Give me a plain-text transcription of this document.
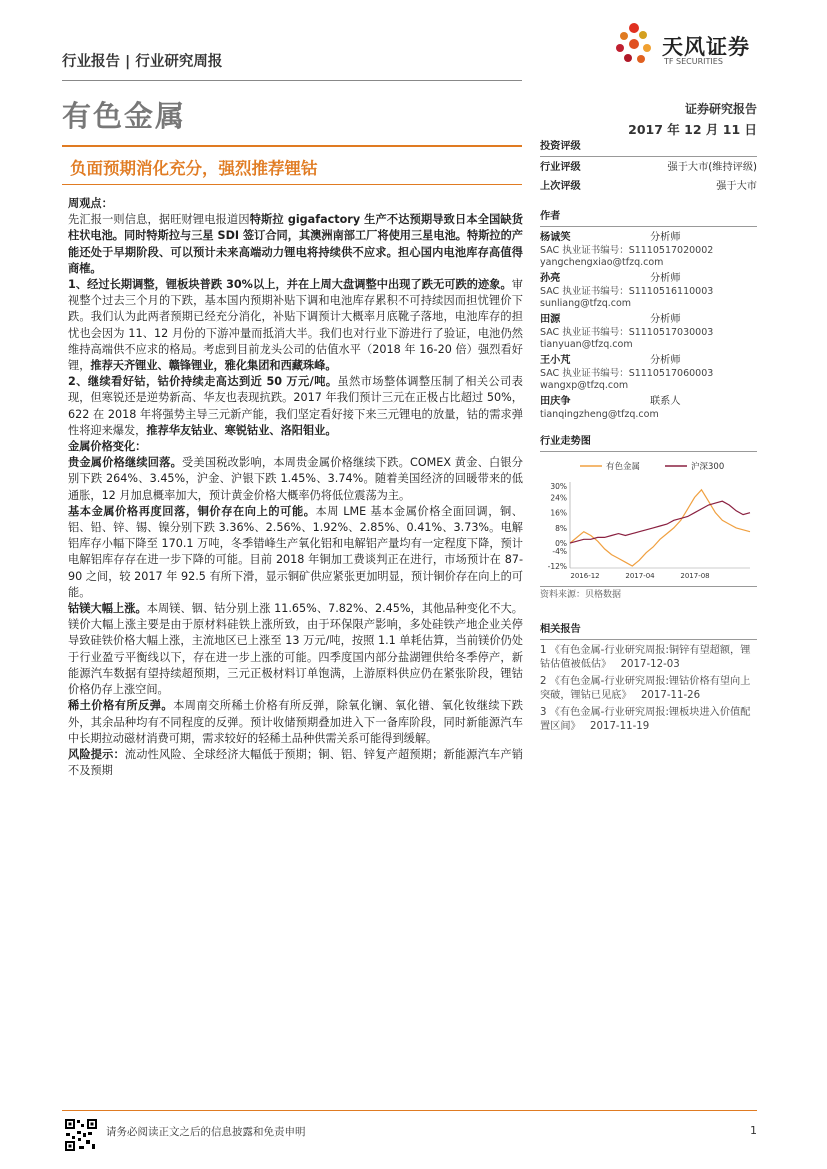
行业报告 | 行业研究周报
天风证券
TF SECURITIES
有色金属	证券研究报告
2017 年 12 月 11 日
负面预期消化充分，强烈推荐锂钴
周观点：

先汇报一则信息，据旺财锂电报道因特斯拉 gigafactory 生产不达预期导致日本全国缺货柱状电池。同时特斯拉与三星 SDI 签订合同，其澳洲南部工厂将使用三星电池。特斯拉的产能还处于早期阶段、可以预计未来高端动力锂电将持续供不应求。担心国内电池库存高值得商榷。

1、经过长期调整，锂板块普跌 30%以上，并在上周大盘调整中出现了跌无可跌的迹象。审视整个过去三个月的下跌，基本国内预期补贴下调和电池库存累积不可持续因而担忧锂价下跌。我们认为此两者预期已经充分消化，补贴下调预计大概率月底靴子落地，电池库存的担忧也会因为 11、12 月份的下游冲量而抵消大半。我们也对行业下游进行了验证，电池仍然维持高端供不应求的格局。考虑到目前龙头公司的估值水平（2018 年 16-20 倍）强烈看好锂，推荐天齐锂业、赣锋锂业，雅化集团和西藏珠峰。

2、继续看好钴，钴价持续走高达到近 50 万元/吨。虽然市场整体调整压制了相关公司表现，但寒锐还是逆势新高、华友也表现抗跌。2017 年我们预计三元在正极占比超过 50%，622 在 2018 年将强势主导三元新产能，我们坚定看好接下来三元锂电的放量，钴的需求弹性将迎来爆发，推荐华友钴业、寒锐钴业、洛阳钼业。

金属价格变化：

贵金属价格继续回落。受美国税改影响，本周贵金属价格继续下跌。COMEX 黄金、白银分别下跌 264%、3.45%，沪金、沪银下跌 1.45%、3.74%。随着美国经济的回暖带来的低通胀，12 月加息概率加大，预计黄金价格大概率仍将低位震荡为主。

基本金属价格再度回落，铜价存在向上的可能。本周 LME 基本金属价格全面回调，铜、铝、铅、锌、锡、镍分别下跌 3.36%、2.56%、1.92%、2.85%、0.41%、3.73%。电解铝库存小幅下降至 170.1 万吨，冬季错峰生产氧化铝和电解铝产量均有一定程度下降，预计电解铝库存存在进一步下降的可能。目前 2018 年铜加工费谈判正在进行，市场预计在 87-90 之间，较 2017 年 92.5 有所下滑，显示铜矿供应紧张更加明显，预计铜价存在向上的可能。

钴镁大幅上涨。本周镁、铟、钴分别上涨 11.65%、7.82%、2.45%，其他品种变化不大。镁价大幅上涨主要是由于原材料硅铁上涨所致，由于环保限产影响，多处硅铁产地企业关停导致硅铁价格大幅上涨，主流地区已上涨至 13 万元/吨，按照 1.1 单耗估算，当前镁价仍处于行业盈亏平衡线以下，存在进一步上涨的可能。四季度国内部分盐湖锂供给冬季停产，新能源汽车数据有望持续超预期，三元正极材料订单饱满，上游原料供应仍在紧张阶段，锂钴价格仍存上涨空间。

稀土价格有所反弹。本周南交所稀土价格有所反弹，除氧化镧、氧化镨、氧化钕继续下跌外，其余品种均有不同程度的反弹。预计收储预期叠加进入下一备库阶段，同时新能源汽车中长期拉动磁材消费可期，需求较好的轻稀土品种供需关系可能得到缓解。

风险提示：流动性风险、全球经济大幅低于预期；铜、铝、锌复产超预期；新能源汽车产销不及预期

投资评级
行业评级	强于大市(维持评级)
上次评级	强于大市
作者
杨诚笑	分析师
SAC 执业证书编号：S1110517020002
yangchengxiao@tfzq.com
孙亮	分析师
SAC 执业证书编号：S1110516110003
sunliang@tfzq.com
田源	分析师
SAC 执业证书编号：S1110517030003
tianyuan@tfzq.com
王小芃	分析师
SAC 执业证书编号：S1110517060003
wangxp@tfzq.com
田庆争	联系人
tianqingzheng@tfzq.com
行业走势图
有色金属	沪深300
30%
24%
16%
8%
0%
-4%
-12%
2016-12	2017-04	2017-08
资料来源：贝格数据
相关报告
1 《有色金属-行业研究周报:铜锌有望超额，锂钴估值被低估》 2017-12-03
2 《有色金属-行业研究周报:锂钴价格有望向上突破，锂钴已见底》 2017-11-26
3 《有色金属-行业研究周报:锂板块进入价值配置区间》 2017-11-19
请务必阅读正文之后的信息披露和免责申明	1
